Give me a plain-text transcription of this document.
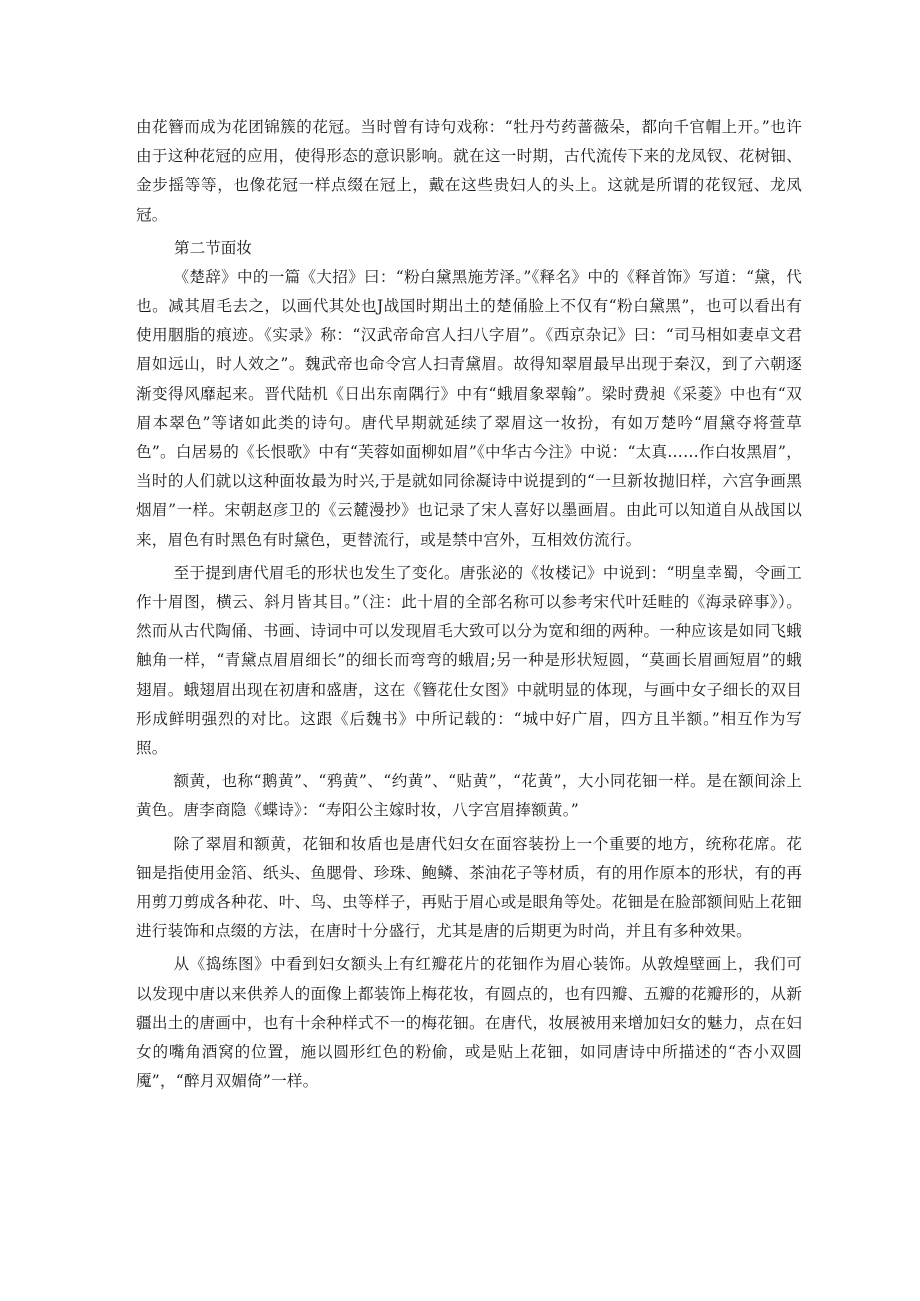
由花簪而成为花团锦簇的花冠。当时曾有诗句戏称：“牡丹芍药蔷薇朵，都向千官帽上开。”也许由于这种花冠的应用，使得形态的意识影响。就在这一时期，古代流传下来的龙凤钗、花树钿、金步摇等等，也像花冠一样点缀在冠上，戴在这些贵妇人的头上。这就是所谓的花钗冠、龙凤冠。

第二节面妆

《楚辞》中的一篇《大招》曰：“粉白黛黑施芳泽。”《释名》中的《释首饰》写道：“黛，代也。减其眉毛去之，以画代其处也J战国时期出土的楚俑脸上不仅有“粉白黛黑”，也可以看出有使用胭脂的痕迹。《实录》称：“汉武帝命宫人扫八字眉”。《西京杂记》曰：“司马相如妻卓文君眉如远山，时人效之”。魏武帝也命令宫人扫青黛眉。故得知翠眉最早出现于秦汉，到了六朝逐渐变得风靡起来。晋代陆机《日出东南隅行》中有“蛾眉象翠翰”。梁时费昶《采菱》中也有“双眉本翠色”等诸如此类的诗句。唐代早期就延续了翠眉这一妆扮，有如万楚吟“眉黛夺将萱草色”。白居易的《长恨歌》中有“芙蓉如面柳如眉”《中华古今注》中说：“太真……作白妆黑眉”，当时的人们就以这种面妆最为时兴,于是就如同徐凝诗中说提到的“一旦新妆抛旧样，六宫争画黑烟眉”一样。宋朝赵彦卫的《云麓漫抄》也记录了宋人喜好以墨画眉。由此可以知道自从战国以来，眉色有时黑色有时黛色，更替流行，或是禁中宫外，互相效仿流行。

至于提到唐代眉毛的形状也发生了变化。唐张泌的《妆楼记》中说到：“明皇幸蜀，令画工作十眉图，横云、斜月皆其目。”（注：此十眉的全部名称可以参考宋代叶廷畦的《海录碎事》）。然而从古代陶俑、书画、诗词中可以发现眉毛大致可以分为宽和细的两种。一种应该是如同飞蛾触角一样，“青黛点眉眉细长”的细长而弯弯的蛾眉;另一种是形状短圆，“莫画长眉画短眉”的蛾翅眉。蛾翅眉出现在初唐和盛唐，这在《簪花仕女图》中就明显的体现，与画中女子细长的双目形成鲜明强烈的对比。这跟《后魏书》中所记载的：“城中好广眉，四方且半额。”相互作为写照。

额黄，也称“鹅黄”、“鸦黄”、“约黄”、“贴黄”，“花黄”，大小同花钿一样。是在额间涂上黄色。唐李商隐《蝶诗》：“寿阳公主嫁时妆，八字宫眉捧额黄。”

除了翠眉和额黄，花钿和妆盾也是唐代妇女在面容装扮上一个重要的地方，统称花席。花钿是指使用金箔、纸头、鱼腮骨、珍珠、鲍鳞、茶油花子等材质，有的用作原本的形状，有的再用剪刀剪成各种花、叶、鸟、虫等样子，再贴于眉心或是眼角等处。花钿是在脸部额间贴上花钿进行装饰和点缀的方法，在唐时十分盛行，尤其是唐的后期更为时尚，并且有多种效果。

从《捣练图》中看到妇女额头上有红瓣花片的花钿作为眉心装饰。从敦煌壁画上，我们可以发现中唐以来供养人的面像上都装饰上梅花妆，有圆点的，也有四瓣、五瓣的花瓣形的，从新疆出土的唐画中，也有十余种样式不一的梅花钿。在唐代，妆展被用来增加妇女的魅力，点在妇女的嘴角酒窝的位置，施以圆形红色的粉偷，或是贴上花钿，如同唐诗中所描述的“杏小双圆魇”，“醉月双媚倚”一样。
